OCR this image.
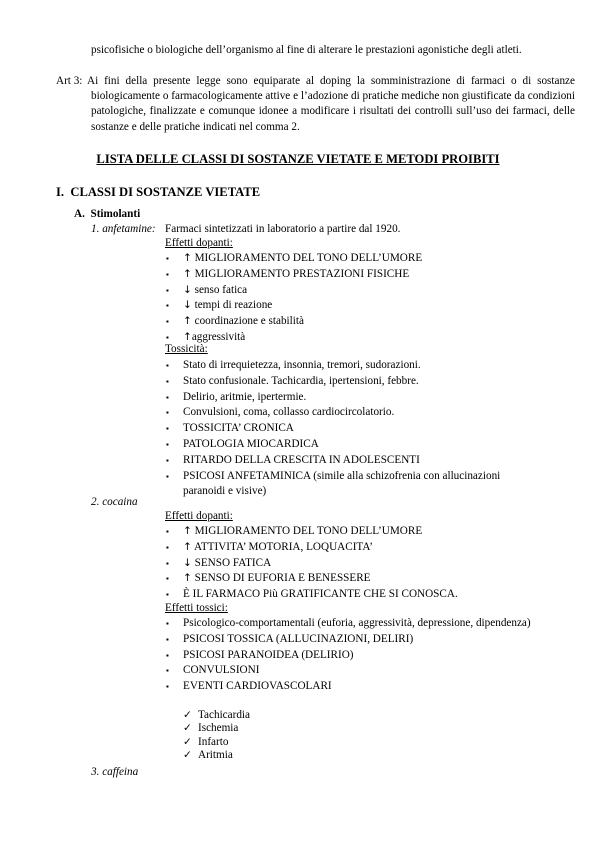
psicofisiche o biologiche dell’organismo al fine di alterare le prestazioni agonistiche degli atleti.
Art 3: Ai fini della presente legge sono equiparate al doping la somministrazione di farmaci o di sostanze biologicamente o farmacologicamente attive e l’adozione di pratiche mediche non giustificate da condizioni patologiche, finalizzate e comunque idonee a modificare i risultati dei controlli sull’uso dei farmaci, delle sostanze e delle pratiche indicati nel comma 2.
LISTA DELLE CLASSI DI SOSTANZE VIETATE E METODI PROIBITI
I.  CLASSI DI SOSTANZE VIETATE
A.  Stimolanti
1. anfetamine: Farmaci sintetizzati in laboratorio a partire dal 1920.
Effetti dopanti:
▪ ↑ MIGLIORAMENTO DEL TONO DELL’UMORE
▪ ↑ MIGLIORAMENTO PRESTAZIONI FISICHE
▪ ↓ senso fatica
▪ ↓ tempi di reazione
▪ ↑ coordinazione e stabilità
▪ ↑aggressività
Tossicità:
▪ Stato di irrequietezza, insonnia, tremori, sudorazioni.
▪ Stato confusionale. Tachicardia, ipertensioni, febbre.
▪ Delirio, aritmie, ipertermie.
▪ Convulsioni, coma, collasso cardiocircolatorio.
▪ TOSSICITA’ CRONICA
▪ PATOLOGIA MIOCARDICA
▪ RITARDO DELLA CRESCITA IN ADOLESCENTI
▪ PSICOSI ANFETAMINICA (simile alla schizofrenia con allucinazioni paranoidi e visive)
2. cocaina
Effetti dopanti:
▪ ↑ MIGLIORAMENTO DEL TONO DELL’UMORE
▪ ↑ ATTIVITA’ MOTORIA, LOQUACITA’
▪ ↓ SENSO FATICA
▪ ↑ SENSO DI EUFORIA E BENESSERE
▪ È IL FARMACO Più GRATIFICANTE CHE SI CONOSCA.
Effetti tossici:
▪ Psicologico-comportamentali (euforia, aggressività, depressione, dipendenza)
▪ PSICOSI TOSSICA (ALLUCINAZIONI, DELIRI)
▪ PSICOSI PARANOIDEA (DELIRIO)
▪ CONVULSIONI
▪ EVENTI CARDIOVASCOLARI
✓ Tachicardia
✓ Ischemia
✓ Infarto
✓ Aritmia
3. caffeina
